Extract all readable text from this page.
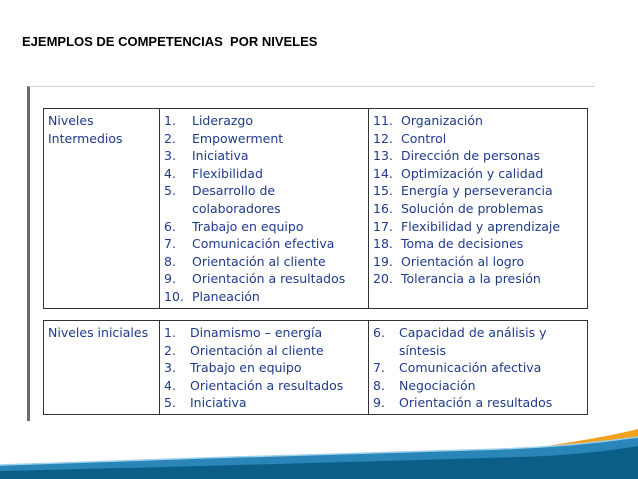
EJEMPLOS DE COMPETENCIAS  POR NIVELES
Niveles
Intermedios

1.	Liderazgo
2.	Empowerment
3.	Iniciativa
4.	Flexibilidad
5.	Desarrollo de colaboradores
6.	Trabajo en equipo
7.	Comunicación efectiva
8.	Orientación al cliente
9.	Orientación a resultados
10. Planeación

11. Organización
12. Control
13. Dirección de personas
14. Optimización y calidad
15. Energía y perseverancia
16. Solución de problemas
17. Flexibilidad y aprendizaje
18. Toma de decisiones
19. Orientación al logro
20. Tolerancia a la presión
Niveles iniciales	1.	Dinamismo – energía
2.	Orientación al cliente
3.	Trabajo en equipo
4.	Orientación a resultados
5.	Iniciativa

6.	Capacidad de análisis y síntesis
7.	Comunicación afectiva
8.	Negociación
9.	Orientación a resultados
